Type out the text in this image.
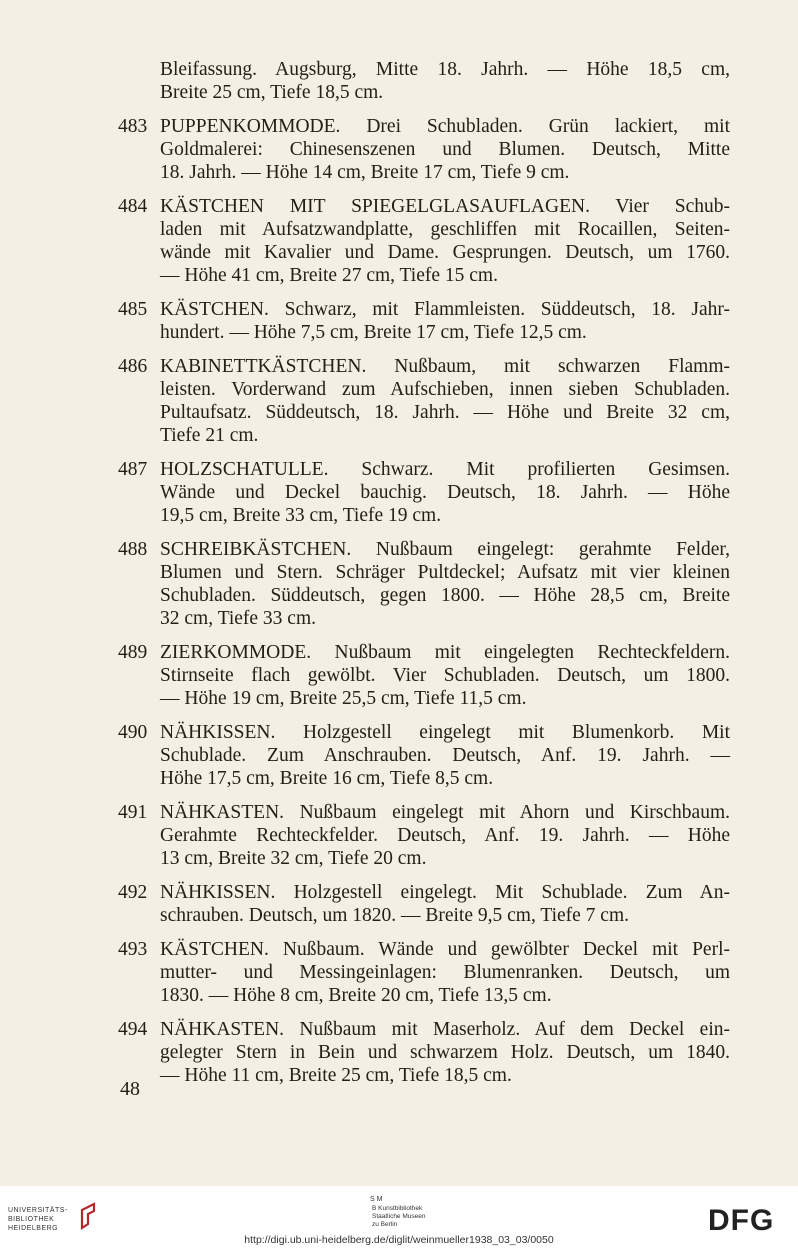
Bleifassung. Augsburg, Mitte 18. Jahrh. — Höhe 18,5 cm,
Breite 25 cm, Tiefe 18,5 cm.
483 PUPPENKOMMODE. Drei Schubladen. Grün lackiert, mit
Goldmalerei: Chinesenszenen und Blumen. Deutsch, Mitte
18. Jahrh. — Höhe 14 cm, Breite 17 cm, Tiefe 9 cm.
484 KÄSTCHEN MIT SPIEGELGLASAUFLAGEN. Vier Schub-
laden mit Aufsatzwandplatte, geschliffen mit Rocaillen, Seiten-
wände mit Kavalier und Dame. Gesprungen. Deutsch, um 1760.
— Höhe 41 cm, Breite 27 cm, Tiefe 15 cm.
485 KÄSTCHEN. Schwarz, mit Flammleisten. Süddeutsch, 18. Jahr-
hundert. — Höhe 7,5 cm, Breite 17 cm, Tiefe 12,5 cm.
486 KABINETTKÄSTCHEN. Nußbaum, mit schwarzen Flamm-
leisten. Vorderwand zum Aufschieben, innen sieben Schubladen.
Pultaufsatz. Süddeutsch, 18. Jahrh. — Höhe und Breite 32 cm,
Tiefe 21 cm.
487 HOLZSCHATULLE. Schwarz. Mit profilierten Gesimsen.
Wände und Deckel bauchig. Deutsch, 18. Jahrh. — Höhe
19,5 cm, Breite 33 cm, Tiefe 19 cm.
488 SCHREIBKÄSTCHEN. Nußbaum eingelegt: gerahmte Felder,
Blumen und Stern. Schräger Pultdeckel; Aufsatz mit vier kleinen
Schubladen. Süddeutsch, gegen 1800. — Höhe 28,5 cm, Breite
32 cm, Tiefe 33 cm.
489 ZIERKOMMODE. Nußbaum mit eingelegten Rechteckfeldern.
Stirnseite flach gewölbt. Vier Schubladen. Deutsch, um 1800.
— Höhe 19 cm, Breite 25,5 cm, Tiefe 11,5 cm.
490 NÄHKISSEN. Holzgestell eingelegt mit Blumenkorb. Mit
Schublade. Zum Anschrauben. Deutsch, Anf. 19. Jahrh. —
Höhe 17,5 cm, Breite 16 cm, Tiefe 8,5 cm.
491 NÄHKASTEN. Nußbaum eingelegt mit Ahorn und Kirschbaum.
Gerahmte Rechteckfelder. Deutsch, Anf. 19. Jahrh. — Höhe
13 cm, Breite 32 cm, Tiefe 20 cm.
492 NÄHKISSEN. Holzgestell eingelegt. Mit Schublade. Zum An-
schrauben. Deutsch, um 1820. — Breite 9,5 cm, Tiefe 7 cm.
493 KÄSTCHEN. Nußbaum. Wände und gewölbter Deckel mit Perl-
mutter- und Messingeinlagen: Blumenranken. Deutsch, um
1830. — Höhe 8 cm, Breite 20 cm, Tiefe 13,5 cm.
494 NÄHKASTEN. Nußbaum mit Maserholz. Auf dem Deckel ein-
gelegter Stern in Bein und schwarzem Holz. Deutsch, um 1840.
— Höhe 11 cm, Breite 25 cm, Tiefe 18,5 cm.
48
UNIVERSITÄTS-
BIBLIOTHEK
HEIDELBERG
S M
B Kunstbibliothek
Staatliche Museen
zu Berlin	DFG
http://digi.ub.uni-heidelberg.de/diglit/weinmueller1938_03_03/0050
